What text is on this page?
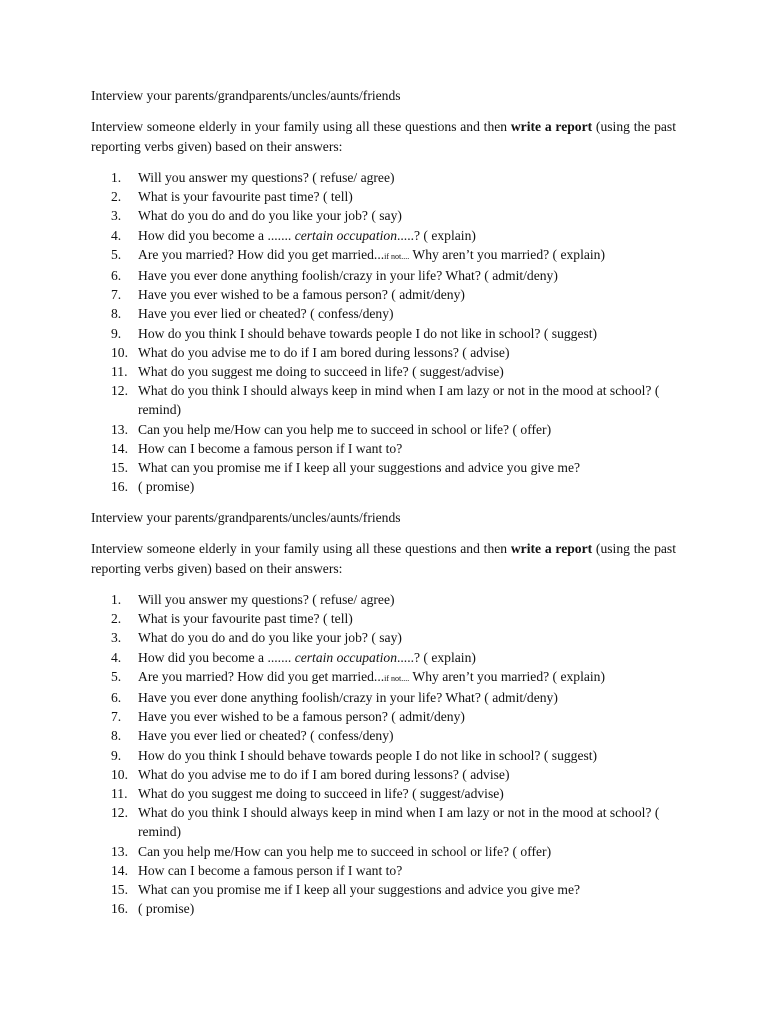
Interview your parents/grandparents/uncles/aunts/friends
Interview someone elderly in your family using all these questions and then write a report (using the past reporting verbs given) based on their answers:
1. Will you answer my questions? ( refuse/ agree)
2. What is your favourite past time? ( tell)
3. What do you do and do you like your job? ( say)
4. How did you become a ....... certain occupation.....? ( explain)
5. Are you married? How did you get married...if not.... Why aren’t you married? ( explain)
6. Have you ever done anything foolish/crazy in your life? What? ( admit/deny)
7. Have you ever wished to be a famous person? ( admit/deny)
8. Have you ever lied or cheated? ( confess/deny)
9. How do you think I should behave towards people I do not like in school? ( suggest)
10. What do you advise me to do if I am bored during lessons? ( advise)
11. What do you suggest me doing to succeed in life? ( suggest/advise)
12. What do you think I should always keep in mind when I am lazy or not in the mood at school? ( remind)
13. Can you help me/How can you help me to succeed in school or life? ( offer)
14. How can I become a famous person if I want to?
15. What can you promise me if I keep all your suggestions and advice you give me?
16. ( promise)
Interview your parents/grandparents/uncles/aunts/friends
Interview someone elderly in your family using all these questions and then write a report (using the past reporting verbs given) based on their answers:
1. Will you answer my questions? ( refuse/ agree)
2. What is your favourite past time? ( tell)
3. What do you do and do you like your job? ( say)
4. How did you become a ....... certain occupation.....? ( explain)
5. Are you married? How did you get married...if not.... Why aren’t you married? ( explain)
6. Have you ever done anything foolish/crazy in your life? What? ( admit/deny)
7. Have you ever wished to be a famous person? ( admit/deny)
8. Have you ever lied or cheated? ( confess/deny)
9. How do you think I should behave towards people I do not like in school? ( suggest)
10. What do you advise me to do if I am bored during lessons? ( advise)
11. What do you suggest me doing to succeed in life? ( suggest/advise)
12. What do you think I should always keep in mind when I am lazy or not in the mood at school? ( remind)
13. Can you help me/How can you help me to succeed in school or life? ( offer)
14. How can I become a famous person if I want to?
15. What can you promise me if I keep all your suggestions and advice you give me?
16. ( promise)
